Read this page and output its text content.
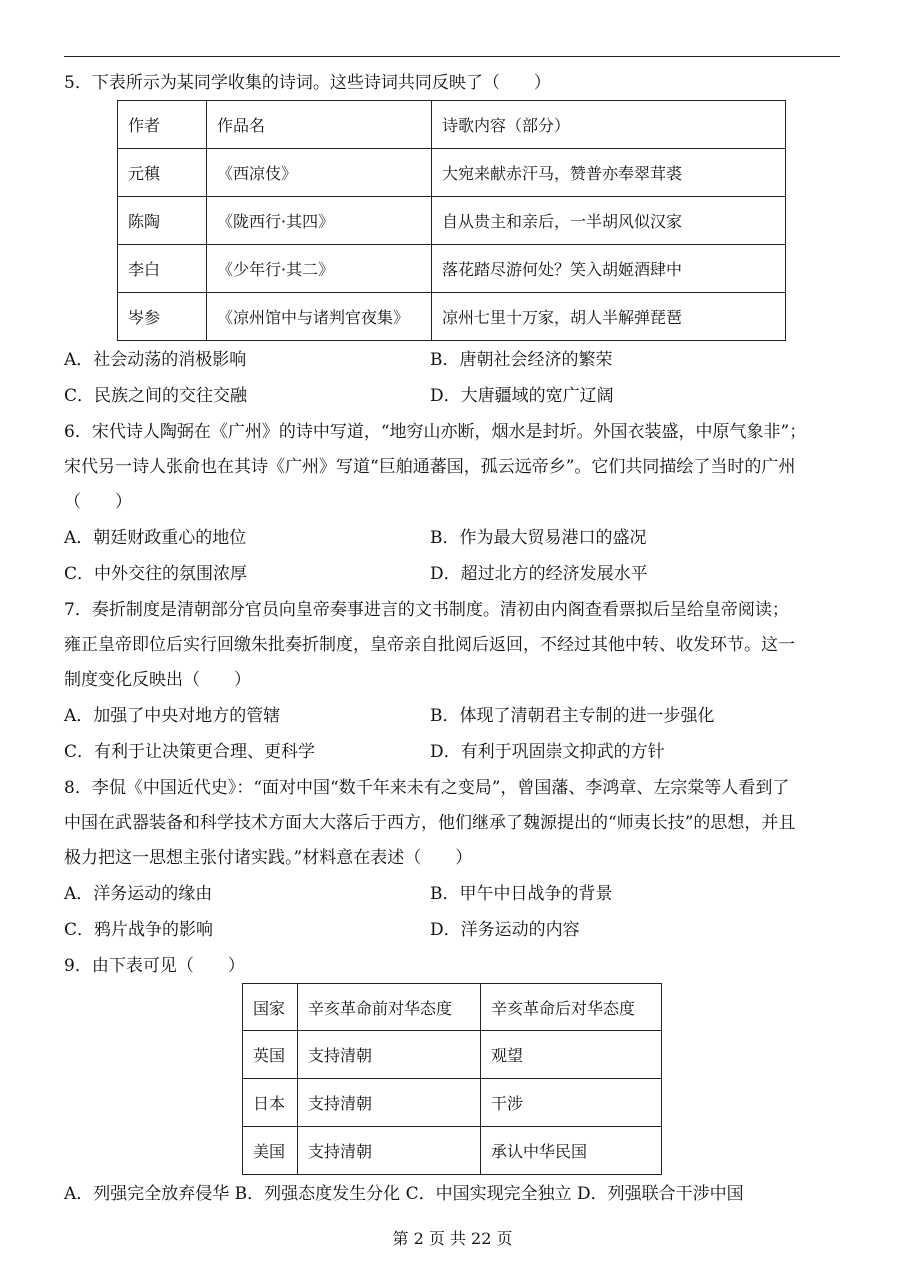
5．下表所示为某同学收集的诗词。这些诗词共同反映了（　　）
作者	作品名	诗歌内容（部分）
元稹	《西凉伎》	大宛来献赤汗马，赞普亦奉翠茸裘
陈陶	《陇西行·其四》	自从贵主和亲后，一半胡风似汉家
李白	《少年行·其二》	落花踏尽游何处？笑入胡姬酒肆中
岑参	《凉州馆中与诸判官夜集》	凉州七里十万家，胡人半解弹琵琶
A．社会动荡的消极影响	B．唐朝社会经济的繁荣
C．民族之间的交往交融	D．大唐疆域的宽广辽阔
6．宋代诗人陶弼在《广州》的诗中写道，“地穷山亦断，烟水是封圻。外国衣装盛，中原气象非”；
宋代另一诗人张俞也在其诗《广州》写道“巨舶通蕃国，孤云远帝乡”。它们共同描绘了当时的广州
（　　）
A．朝廷财政重心的地位	B．作为最大贸易港口的盛况
C．中外交往的氛围浓厚	D．超过北方的经济发展水平
7．奏折制度是清朝部分官员向皇帝奏事进言的文书制度。清初由内阁查看票拟后呈给皇帝阅读；
雍正皇帝即位后实行回缴朱批奏折制度，皇帝亲自批阅后返回，不经过其他中转、收发环节。这一
制度变化反映出（　　）
A．加强了中央对地方的管辖	B．体现了清朝君主专制的进一步强化
C．有利于让决策更合理、更科学	D．有利于巩固崇文抑武的方针
8．李侃《中国近代史》：“面对中国“数千年来未有之变局”，曾国藩、李鸿章、左宗棠等人看到了
中国在武器装备和科学技术方面大大落后于西方，他们继承了魏源提出的“师夷长技”的思想，并且
极力把这一思想主张付诸实践。”材料意在表述（　　）
A．洋务运动的缘由	B．甲午中日战争的背景
C．鸦片战争的影响	D．洋务运动的内容
9．由下表可见（　　）
国家	辛亥革命前对华态度	辛亥革命后对华态度
英国	支持清朝	观望
日本	支持清朝	干涉
美国	支持清朝	承认中华民国
A．列强完全放弃侵华 B．列强态度发生分化 C．中国实现完全独立 D．列强联合干涉中国
第 2 页 共 22 页
